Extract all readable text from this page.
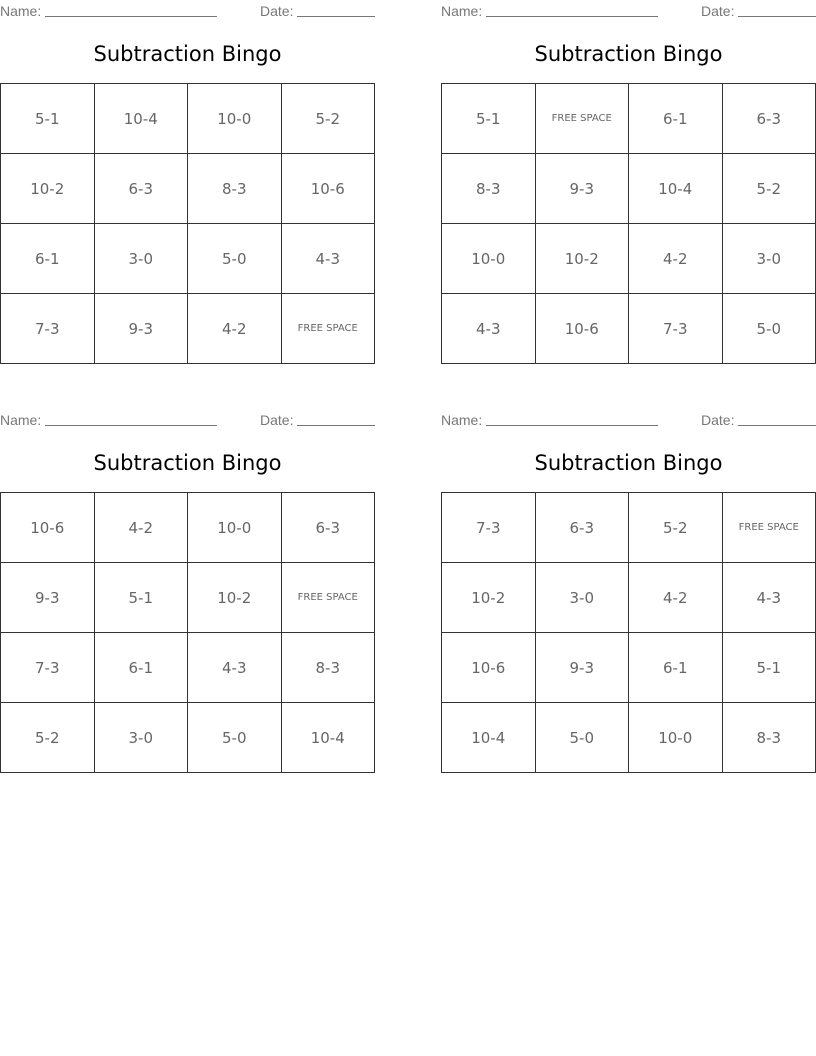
Name:	Date:
Subtraction Bingo
5-1	10-4	10-0	5-2
10-2	6-3	8-3	10-6
6-1	3-0	5-0	4-3
7-3	9-3	4-2	FREE SPACE
Name:	Date:
Subtraction Bingo
5-1	FREE SPACE	6-1	6-3
8-3	9-3	10-4	5-2
10-0	10-2	4-2	3-0
4-3	10-6	7-3	5-0
Name:	Date:
Subtraction Bingo
10-6	4-2	10-0	6-3
9-3	5-1	10-2	FREE SPACE
7-3	6-1	4-3	8-3
5-2	3-0	5-0	10-4
Name:	Date:
Subtraction Bingo
7-3	6-3	5-2	FREE SPACE
10-2	3-0	4-2	4-3
10-6	9-3	6-1	5-1
10-4	5-0	10-0	8-3
